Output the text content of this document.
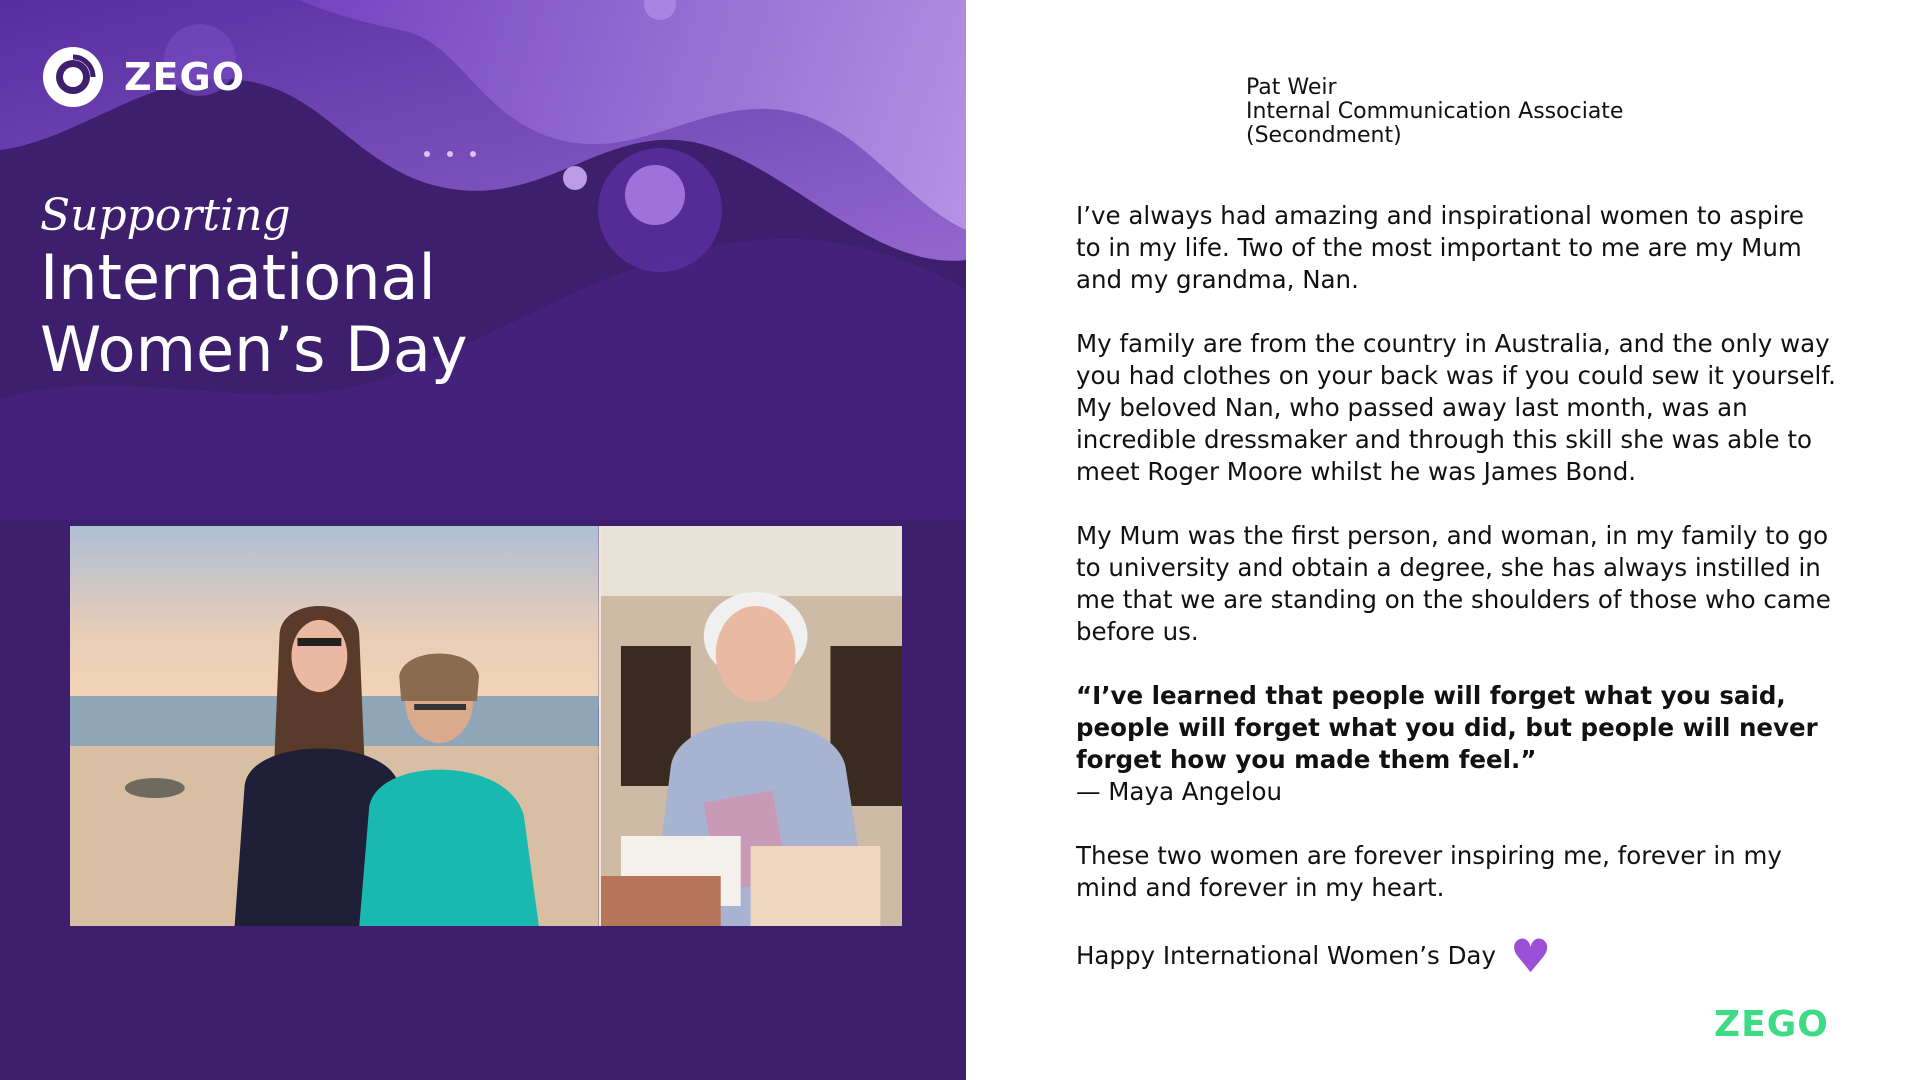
ZEGO
Supporting
International
Women’s Day
Pat Weir
Internal Communication Associate
(Secondment)

I’ve always had amazing and inspirational women to aspire to in my life. Two of the most important to me are my Mum and my grandma, Nan.

My family are from the country in Australia, and the only way you had clothes on your back was if you could sew it yourself. My beloved Nan, who passed away last month, was an incredible dressmaker and through this skill she was able to meet Roger Moore whilst he was James Bond.

My Mum was the first person, and woman, in my family to go to university and obtain a degree, she has always instilled in me that we are standing on the shoulders of those who came before us.

“I’ve learned that people will forget what you said, people will forget what you did, but people will never forget how you made them feel.”

— Maya Angelou

These two women are forever inspiring me, forever in my mind and forever in my heart.

Happy International Women’s Day ♥
ZEGO
